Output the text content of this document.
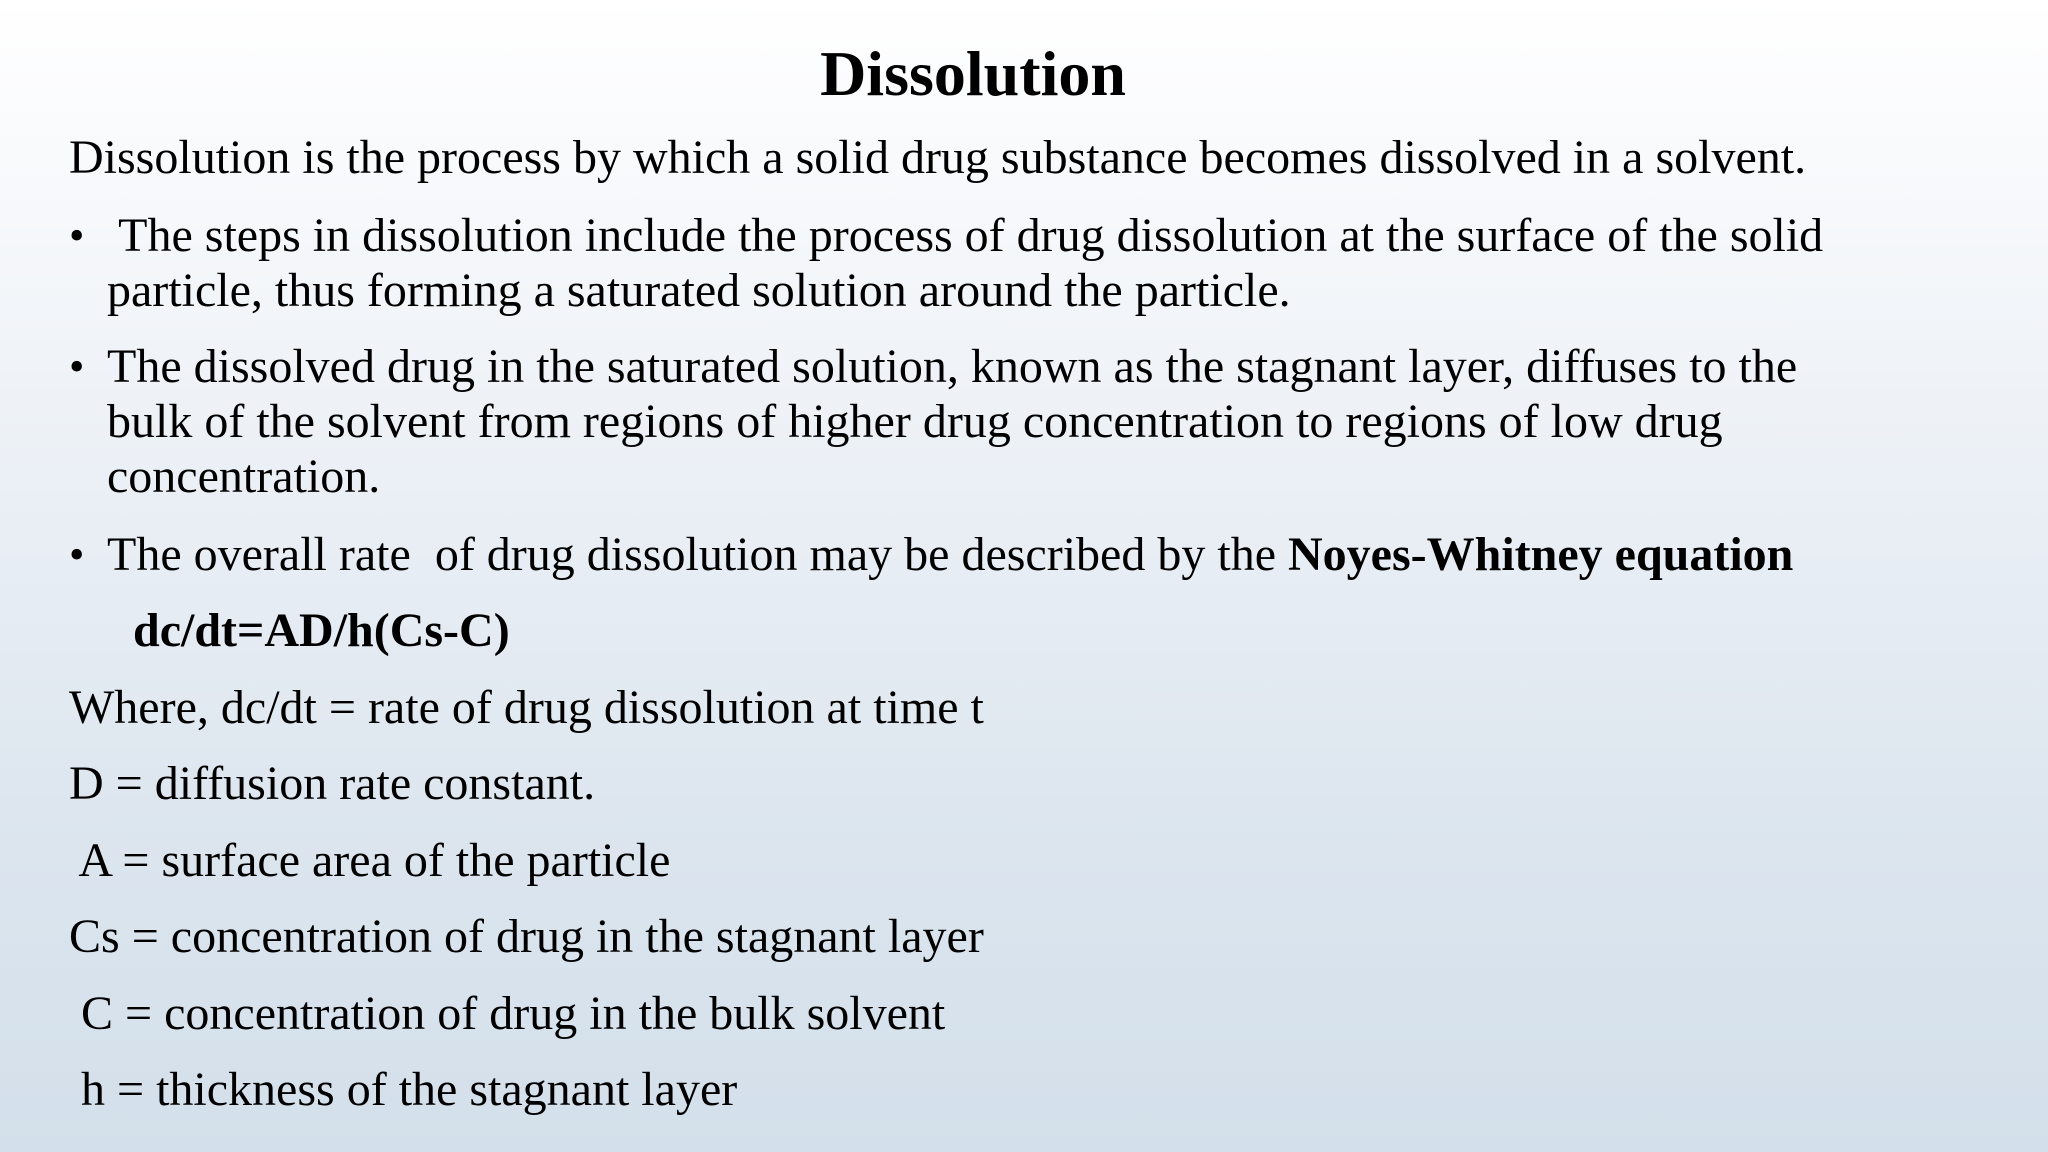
Dissolution
Dissolution is the process by which a solid drug substance becomes dissolved in a solvent.
• The steps in dissolution include the process of drug dissolution at the surface of the solid
particle, thus forming a saturated solution around the particle.
• The dissolved drug in the saturated solution, known as the stagnant layer, diffuses to the
bulk of the solvent from regions of higher drug concentration to regions of low drug
concentration.
• The overall rate  of drug dissolution may be described by the Noyes-Whitney equation
dc/dt=AD/h(Cs-C)
Where, dc/dt = rate of drug dissolution at time t
D = diffusion rate constant.
A = surface area of the particle
Cs = concentration of drug in the stagnant layer
C = concentration of drug in the bulk solvent
h = thickness of the stagnant layer
